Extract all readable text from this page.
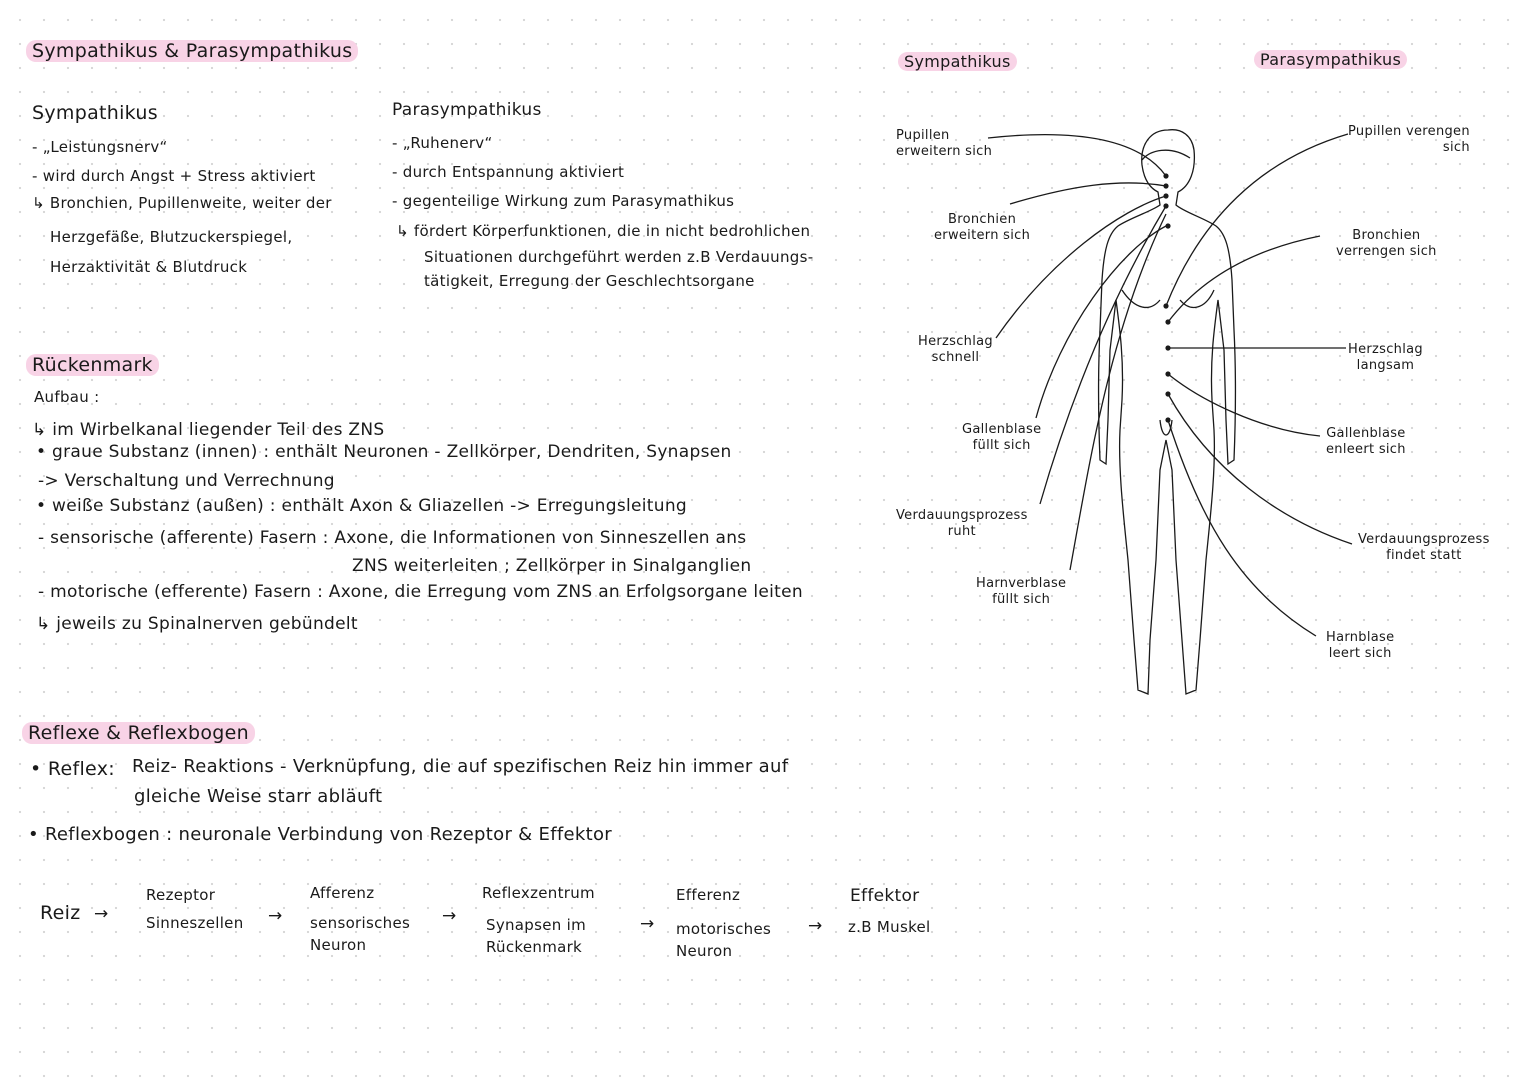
Sympathikus & Parasympathikus
Sympathikus
- „Leistungsnerv“
- wird durch Angst + Stress aktiviert
↳ Bronchien, Pupillenweite, weiter der
Herzgefäße, Blutzuckerspiegel,
Herzaktivität & Blutdruck
Parasympathikus
- „Ruhenerv“
- durch Entspannung aktiviert
- gegenteilige Wirkung zum Parasymathikus
↳ fördert Körperfunktionen, die in nicht bedrohlichen
Situationen durchgeführt werden z.B Verdauungs-
tätigkeit, Erregung der Geschlechtsorgane
Rückenmark
Aufbau :
↳ im Wirbelkanal liegender Teil des ZNS
• graue Substanz (innen) : enthält Neuronen - Zellkörper, Dendriten, Synapsen
-> Verschaltung und Verrechnung
• weiße Substanz (außen) : enthält Axon & Gliazellen -> Erregungsleitung
- sensorische (afferente) Fasern : Axone, die Informationen von Sinneszellen ans
ZNS weiterleiten ; Zellkörper in Sinalganglien
- motorische (efferente) Fasern : Axone, die Erregung vom ZNS an Erfolgsorgane leiten
↳ jeweils zu Spinalnerven gebündelt
Reflexe & Reflexbogen
• Reflex: Reiz- Reaktions - Verknüpfung, die auf spezifischen Reiz hin immer auf
gleiche Weise starr abläuft
• Reflexbogen : neuronale Verbindung von Rezeptor & Effektor
Reiz →
Rezeptor
Sinneszellen →
Afferenz
sensorisches
Neuron
→
Reflexzentrum
Synapsen im
Rückenmark
→
Efferenz
motorisches
Neuron
→
Effektor
z.B Muskel
Sympathikus	Parasympathikus
Pupillen
erweitern sich
Bronchien
erweitern sich
Herzschlag
schnell
Gallenblase
füllt sich
Verdauungsprozess
ruht
Harnverblase
füllt sich
Pupillen verengen
sich
Bronchien
verrengen sich
Herzschlag
langsam
Gallenblase
enleert sich
Verdauungsprozess
findet statt
Harnblase
leert sich
